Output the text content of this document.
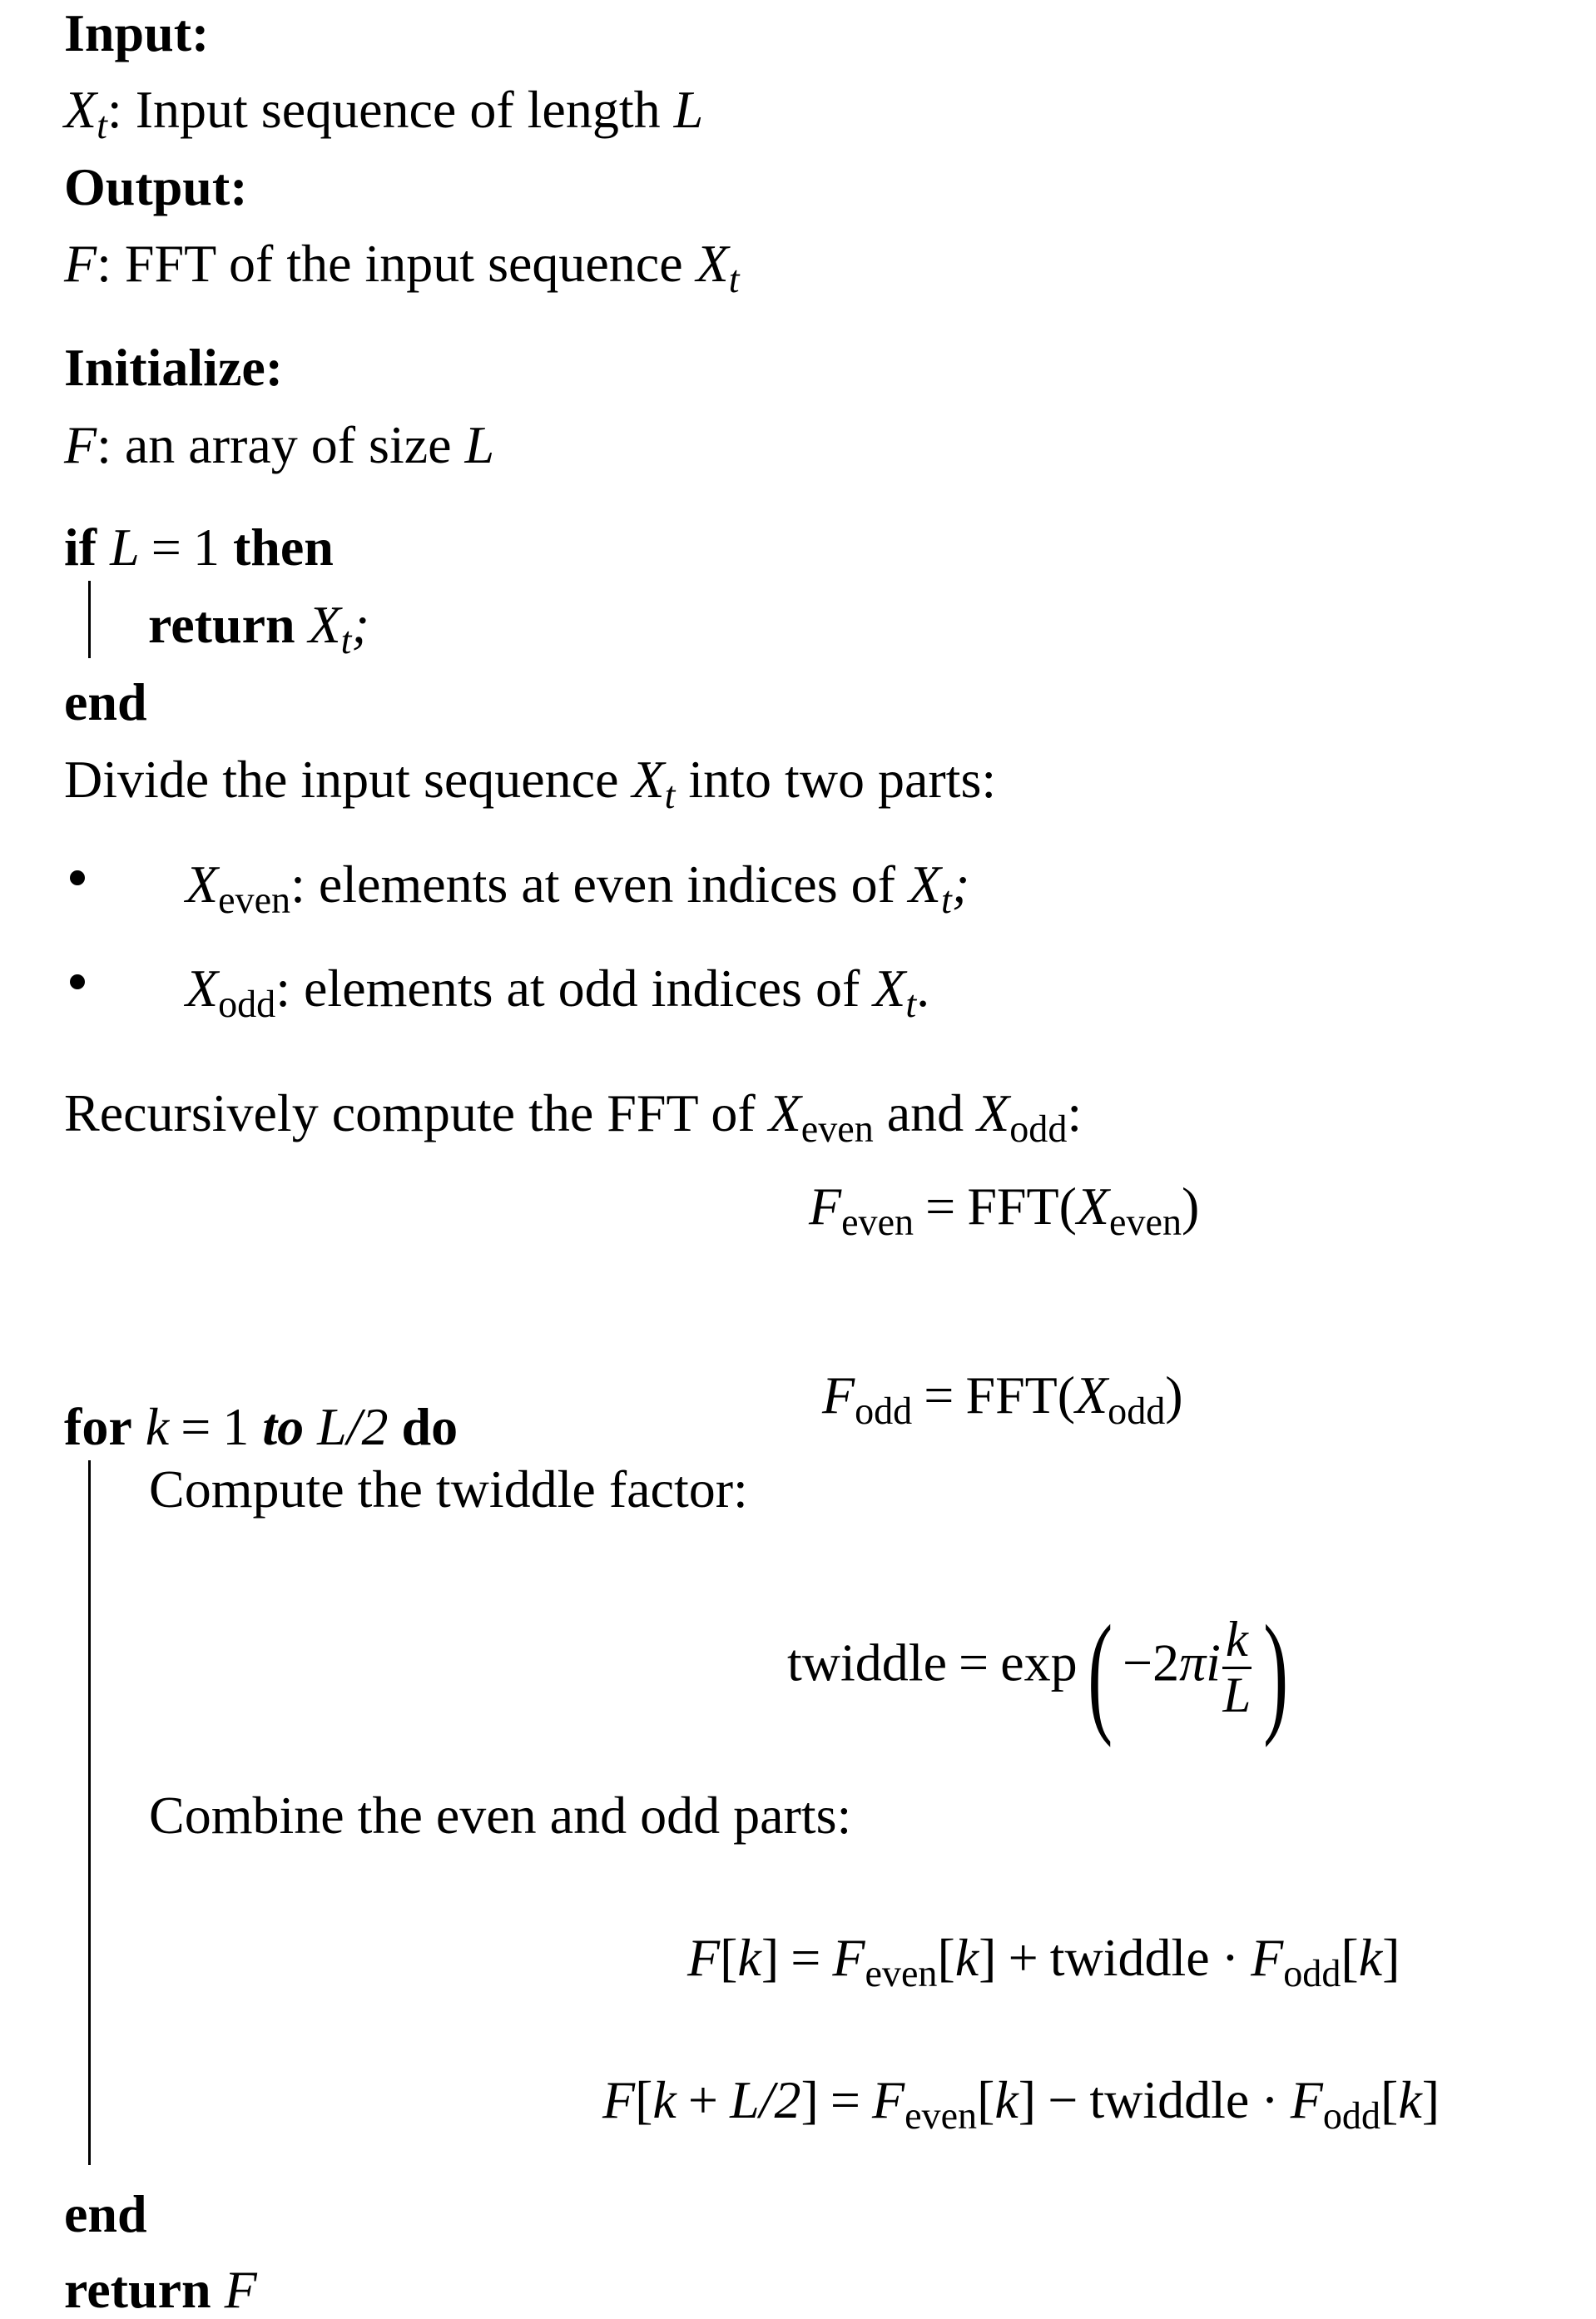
Input:
$X_t$: Input sequence of length L
Output:
F: FFT of the input sequence $X_t$
Initialize:
F: an array of size L
if L = 1 then
return $X_t$;
end
Divide the input sequence $X_t$ into two parts:
$X_{even}$: elements at even indices of $X_t$;
$X_{odd}$: elements at odd indices of $X_t$.
Recursively compute the FFT of $X_{even}$ and $X_{odd}$:
$F_{even} = FFT(X_{even})$
$F_{odd} = FFT(X_{odd})$
for k = 1 to L/2 do
Compute the twiddle factor:
twiddle = $\exp( -2\pi i \frac{k}{L}$ )
Combine the even and odd parts:
$F[k] = F_{even}[k]$ + twiddle · $F_{odd}[k]$
$F[k + L/2] = F_{even}[k]$ − twiddle · $F_{odd}[k]$
end
return F
